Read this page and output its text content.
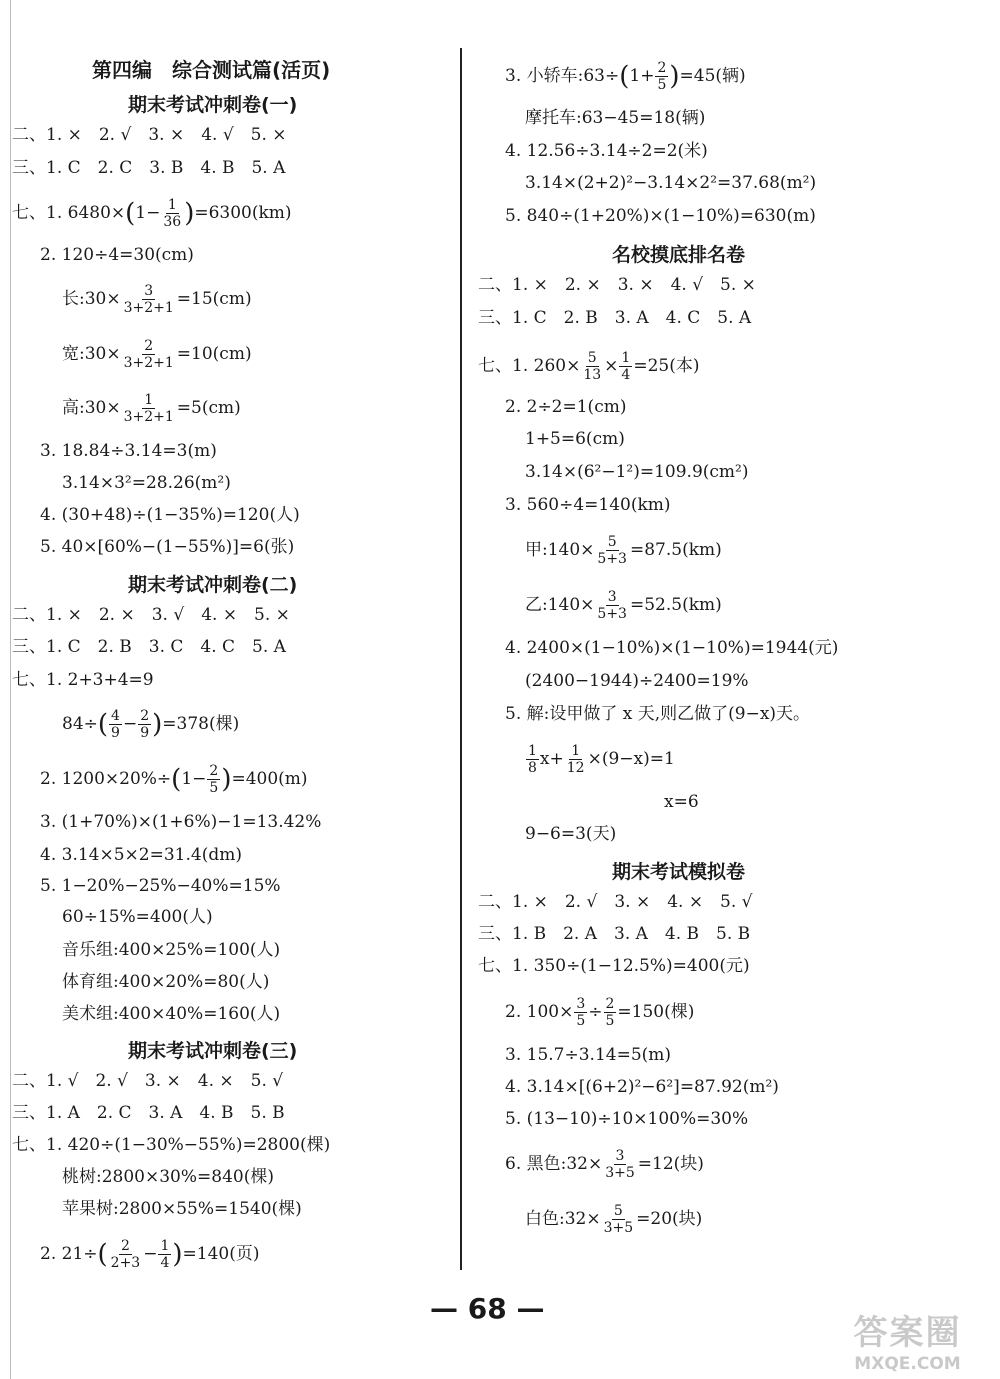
第四编　综合测试篇(活页)
期末考试冲刺卷(一)
二、1. ×　2. √　3. ×　4. √　5. ×
三、1. C　2. C　3. B　4. B　5. A
七、1. $6480\times(1- \frac{1}{36} )=6300(km)$
2. 120÷4=30(cm)
长:30× $\frac{3}{3+2+1} =15(cm)$
宽:30× $\frac{2}{3+2+1} =10(cm)$
高:30× $\frac{1}{3+2+1} =5(cm)$
3. 18.84÷3.14=3(m)
3.14×3²=28.26(m²)
4. (30+48)÷(1−35%)=120(人)
5. 40×[60%−(1−55%)]=6(张)
期末考试冲刺卷(二)
二、1. ×　2. ×　3. √　4. ×　5. ×
三、1. C　2. B　3. C　4. C　5. A
七、1. 2+3+4=9
$84\div( \frac{4}{9} - \frac{2}{9} )=378$(棵)
2. $1200\times 20\%\div(1- \frac{2}{5} )=400(m)$
3. (1+70%)×(1+6%)−1=13.42%
4. 3.14×5×2=31.4(dm)
5. 1−20%−25%−40%=15%
60÷15%=400(人)
音乐组:400×25%=100(人)
体育组:400×20%=80(人)
美术组:400×40%=160(人)
期末考试冲刺卷(三)
二、1. √　2. √　3. ×　4. ×　5. √
三、1. A　2. C　3. A　4. B　5. B
七、1. 420÷(1−30%−55%)=2800(棵)
桃树:2800×30%=840(棵)
苹果树:2800×55%=1540(棵)
2. $21\div( \frac{2}{2+3} - \frac{1}{4} )=140$(页)
3. 小轿车:63÷(1+ $\frac{2}{5} )=45$(辆)
摩托车:63−45=18(辆)
4. 12.56÷3.14÷2=2(米)
3.14×(2+2)²−3.14×2²=37.68(m²)
5. 840÷(1+20%)×(1−10%)=630(m)
名校摸底排名卷
二、1. ×　2. ×　3. ×　4. √　5. ×
三、1. C　2. B　3. A　4. C　5. A
七、1. $260\times \frac{5}{13} \times \frac{1}{4} =25$(本)
2. 2÷2=1(cm)
1+5=6(cm)
3.14×(6²−1²)=109.9(cm²)
3. 560÷4=140(km)
甲:140× $\frac{5}{5+3} =87.5(km)$
乙:140× $\frac{3}{5+3} =52.5(km)$
4. 2400×(1−10%)×(1−10%)=1944(元)
(2400−1944)÷2400=19%
5. 解:设甲做了 x 天,则乙做了(9−x)天。
$\frac{1}{8} x+ \frac{1}{12} \times(9-x)=1$
x=6
9−6=3(天)
期末考试模拟卷
二、1. ×　2. √　3. ×　4. ×　5. √
三、1. B　2. A　3. A　4. B　5. B
七、1. 350÷(1−12.5%)=400(元)
2. $100\times \frac{3}{5} \div \frac{2}{5} =150$(棵)
3. 15.7÷3.14=5(m)
4. 3.14×[(6+2)²−6²]=87.92(m²)
5. (13−10)÷10×100%=30%
6. 黑色:32× $\frac{3}{3+5} =12$(块)
白色:32× $\frac{5}{3+5} =20$(块)
— 68 —
答案圈
MXQE.COM
